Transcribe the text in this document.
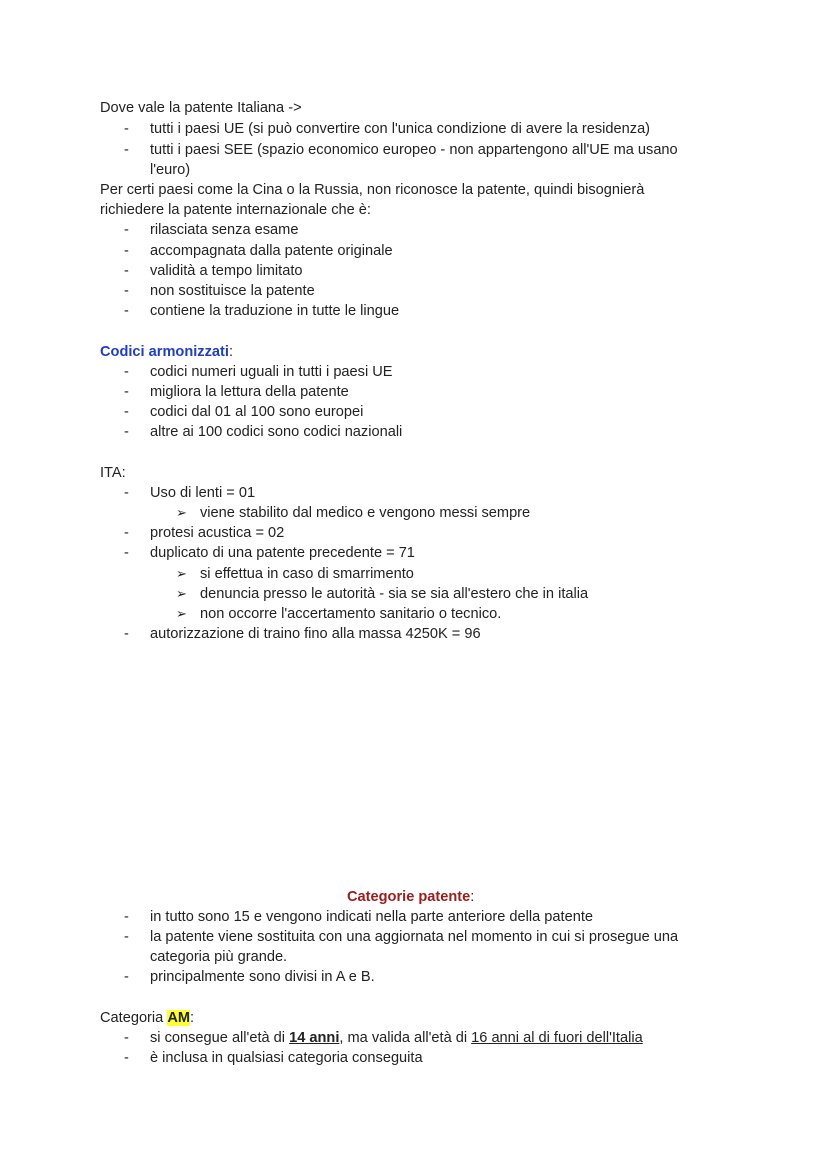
Dove vale la patente Italiana ->
- tutti i paesi UE (si può convertire con l'unica condizione di avere la residenza)
- tutti i paesi SEE (spazio economico europeo - non appartengono all'UE ma usano
l'euro)
Per certi paesi come la Cina o la Russia, non riconosce la patente, quindi bisognierà
richiedere la patente internazionale che è:
- rilasciata senza esame
- accompagnata dalla patente originale
- validità a tempo limitato
- non sostituisce la patente
- contiene la traduzione in tutte le lingue
Codici armonizzati:
- codici numeri uguali in tutti i paesi UE
- migliora la lettura della patente
- codici dal 01 al 100 sono europei
- altre ai 100 codici sono codici nazionali
ITA:
- Uso di lenti = 01
➢ viene stabilito dal medico e vengono messi sempre
- protesi acustica = 02
- duplicato di una patente precedente = 71
➢ si effettua in caso di smarrimento
➢ denuncia presso le autorità - sia se sia all'estero che in italia
➢ non occorre l'accertamento sanitario o tecnico.
- autorizzazione di traino fino alla massa 4250K = 96
Categorie patente:
- in tutto sono 15 e vengono indicati nella parte anteriore della patente
- la patente viene sostituita con una aggiornata nel momento in cui si prosegue una
categoria più grande.
- principalmente sono divisi in A e B.
Categoria AM:
- si consegue all'età di 14 anni, ma valida all'età di 16 anni al di fuori dell'Italia
- è inclusa in qualsiasi categoria conseguita
